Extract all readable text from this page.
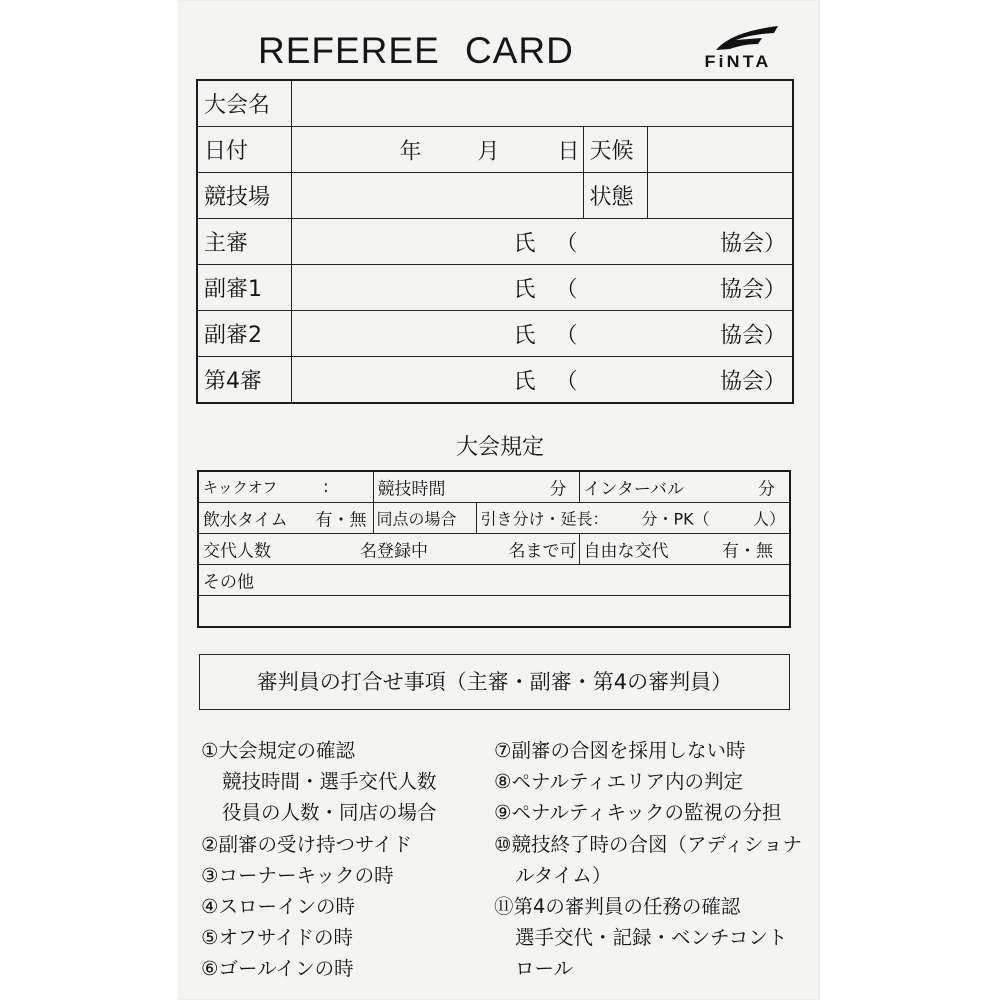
REFEREE CARD	FiNTA
大会名			
日付	年 月 日	天候	
競技場		状態	
主審	氏 （ 協会）		

副審1	氏 （ 協会）		

副審2	氏 （ 協会）		

第4審	氏 （ 協会）		
大会規定
キックオフ :	競技時間 分		インターバル 分

飲水タイム 有・無	同点の場合	引き分け・延長： 分・PK（ 人）	

交代人数 名登録中 名まで可			自由な交代 有・無

その他			

審判員の打合せ事項（主審・副審・第4の審判員）
①大会規定の確認
競技時間・選手交代人数
役員の人数・同店の場合
②副審の受け持つサイド
③コーナーキックの時
④スローインの時
⑤オフサイドの時
⑥ゴールインの時
⑦副審の合図を採用しない時
⑧ペナルティエリア内の判定
⑨ペナルティキックの監視の分担
⑩競技終了時の合図（アディショナ
ルタイム）
⑪第4の審判員の任務の確認
選手交代・記録・ベンチコント
ロール
